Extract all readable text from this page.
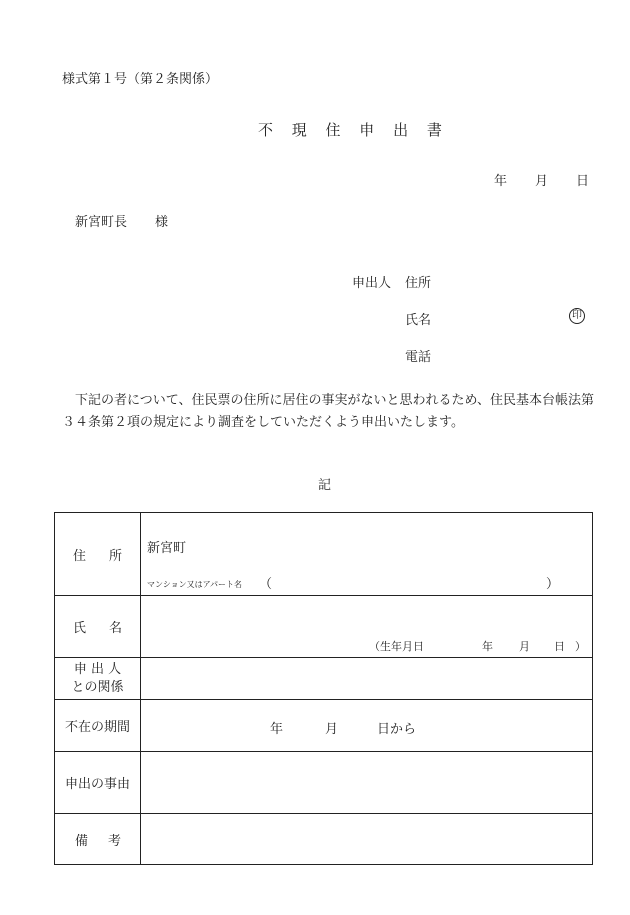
様式第１号（第２条関係）
不 現 住 申 出 書
年 月 日
新宮町長 様
申出人 住所
氏名	印
電話
下記の者について、住民票の住所に居住の事実がないと思われるため、住民基本台帳法第３４条第２項の規定により調査をしていただくよう申出いたします。
記
住 所	新宮町
マンション又はアパート名 （ ）

氏 名	（生年月日 年 月 日 ）

申 出 人
との関係	

不在の期間	年 月 日から

申出の事由	

備 考	
